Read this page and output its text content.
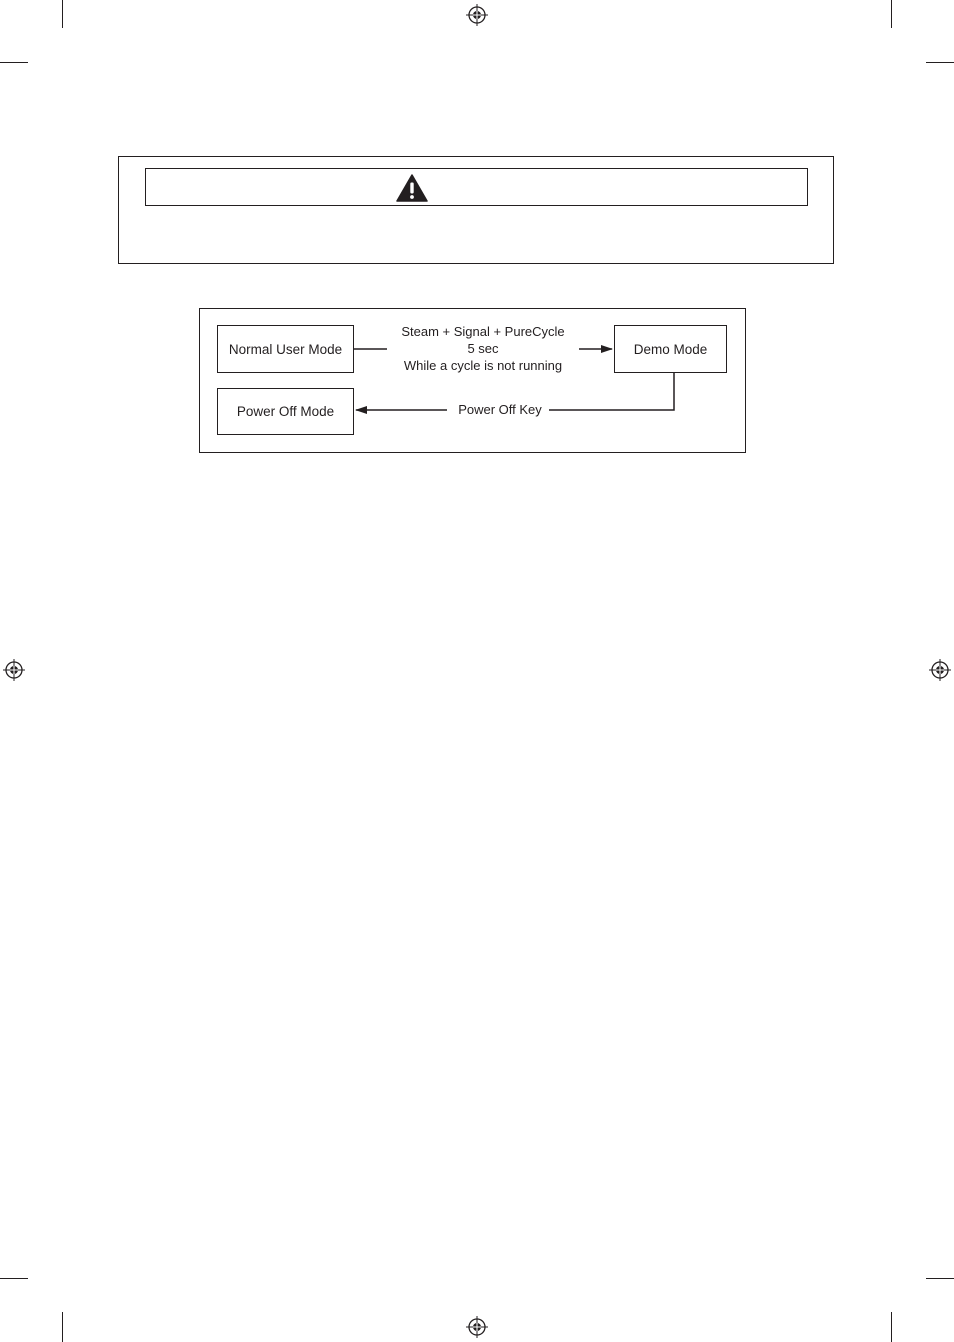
Normal User Mode	Demo Mode
Power Off Mode
Steam + Signal + PureCycle
5 sec
While a cycle is not running
Power Off Key
